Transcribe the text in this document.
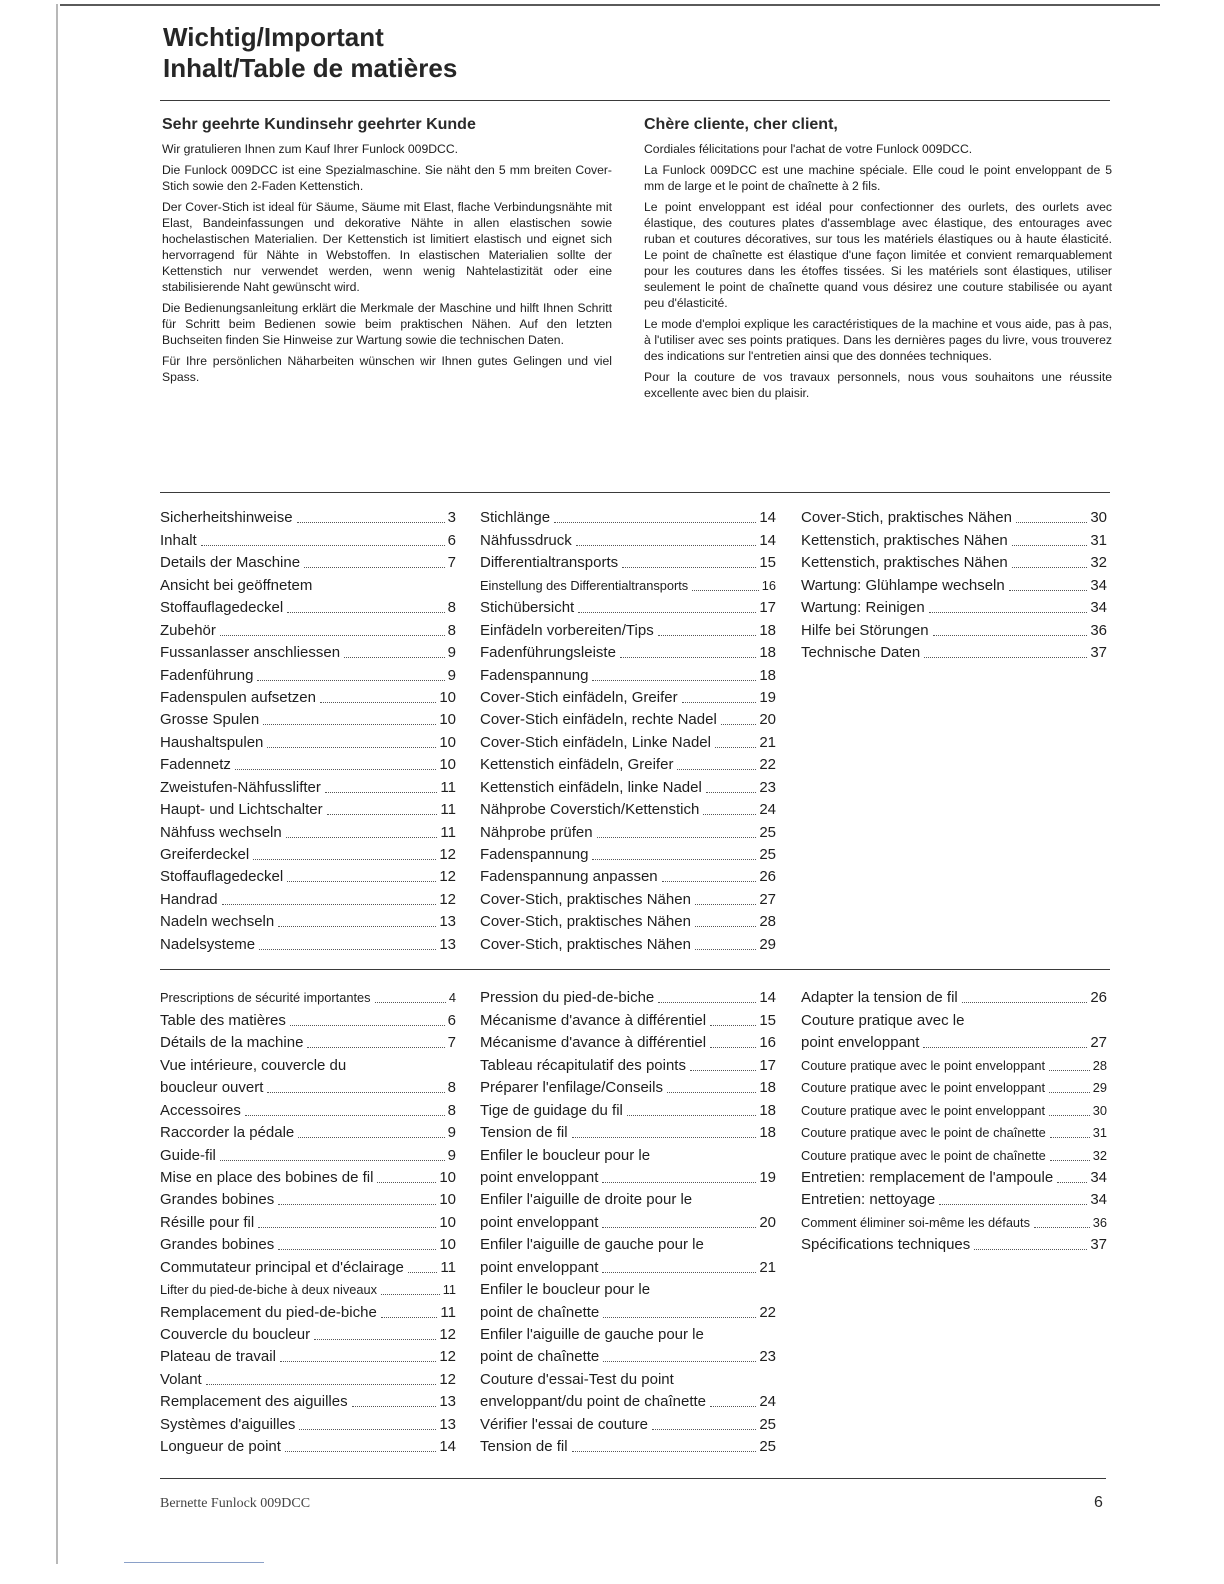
Wichtig/Important
Inhalt/Table de matières
Sehr geehrte Kundinsehr geehrter Kunde

Wir gratulieren Ihnen zum Kauf Ihrer Funlock 009DCC.

Die Funlock 009DCC ist eine Spezialmaschine. Sie näht den 5 mm breiten Cover-Stich sowie den 2-Faden Kettenstich.

Der Cover-Stich ist ideal für Säume, Säume mit Elast, flache Verbindungsnähte mit Elast, Bandeinfassungen und dekorative Nähte in allen elastischen sowie hochelastischen Materialien. Der Kettenstich ist limitiert elastisch und eignet sich hervorragend für Nähte in Webstoffen. In elastischen Materialien sollte der Kettenstich nur verwendet werden, wenn wenig Nahtelastizität oder eine stabilisierende Naht gewünscht wird.

Die Bedienungsanleitung erklärt die Merkmale der Maschine und hilft Ihnen Schritt für Schritt beim Bedienen sowie beim praktischen Nähen. Auf den letzten Buchseiten finden Sie Hinweise zur Wartung sowie die technischen Daten.

Für Ihre persönlichen Näharbeiten wünschen wir Ihnen gutes Gelingen und viel Spass.

Chère cliente, cher client,

Cordiales félicitations pour l'achat de votre Funlock 009DCC.

La Funlock 009DCC est une machine spéciale. Elle coud le point enveloppant de 5 mm de large et le point de chaînette à 2 fils.

Le point enveloppant est idéal pour confectionner des ourlets, des ourlets avec élastique, des coutures plates d'assemblage avec élastique, des entourages avec ruban et coutures décoratives, sur tous les matériels élastiques ou à haute élasticité. Le point de chaînette est élastique d'une façon limitée et convient remarquablement pour les coutures dans les étoffes tissées. Si les matériels sont élastiques, utiliser seulement le point de chaînette quand vous désirez une couture stabilisée ou ayant peu d'élasticité.

Le mode d'emploi explique les caractéristiques de la machine et vous aide, pas à pas, à l'utiliser avec ses points pratiques. Dans les dernières pages du livre, vous trouverez des indications sur l'entretien ainsi que des données techniques.

Pour la couture de vos travaux personnels, nous vous souhaitons une réussite excellente avec bien du plaisir.

Sicherheitshinweise	3
Inhalt	6
Details der Maschine	7
Ansicht bei geöffnetem
Stoffauflagedeckel	8
Zubehör	8
Fussanlasser anschliessen	9
Fadenführung	9
Fadenspulen aufsetzen	10
Grosse Spulen	10
Haushaltspulen	10
Fadennetz	10
Zweistufen-Nähfusslifter	11
Haupt- und Lichtschalter	11
Nähfuss wechseln	11
Greiferdeckel	12
Stoffauflagedeckel	12
Handrad	12
Nadeln wechseln	13
Nadelsysteme	13
Stichlänge	14
Nähfussdruck	14
Differentialtransports	15
Einstellung des Differentialtransports	16
Stichübersicht	17
Einfädeln vorbereiten/Tips	18
Fadenführungsleiste	18
Fadenspannung	18
Cover-Stich einfädeln, Greifer	19
Cover-Stich einfädeln, rechte Nadel	20
Cover-Stich einfädeln, Linke Nadel	21
Kettenstich einfädeln, Greifer	22
Kettenstich einfädeln, linke Nadel	23
Nähprobe Coverstich/Kettenstich	24
Nähprobe prüfen	25
Fadenspannung	25
Fadenspannung anpassen	26
Cover-Stich, praktisches Nähen	27
Cover-Stich, praktisches Nähen	28
Cover-Stich, praktisches Nähen	29
Cover-Stich, praktisches Nähen	30
Kettenstich, praktisches Nähen	31
Kettenstich, praktisches Nähen	32
Wartung: Glühlampe wechseln	34
Wartung: Reinigen	34
Hilfe bei Störungen	36
Technische Daten	37
Prescriptions de sécurité importantes	4
Table des matières	6
Détails de la machine	7
Vue intérieure, couvercle du
boucleur ouvert	8
Accessoires	8
Raccorder la pédale	9
Guide-fil	9
Mise en place des bobines de fil	10
Grandes bobines	10
Résille pour fil	10
Grandes bobines	10
Commutateur principal et d'éclairage 11
Lifter du pied-de-biche à deux niveaux	11
Remplacement du pied-de-biche	11
Couvercle du boucleur	12
Plateau de travail	12
Volant	12
Remplacement des aiguilles	13
Systèmes d'aiguilles	13
Longueur de point	14
Pression du pied-de-biche	14
Mécanisme d'avance à différentiel	15
Mécanisme d'avance à différentiel	16
Tableau récapitulatif des points	17
Préparer l'enfilage/Conseils	18
Tige de guidage du fil	18
Tension de fil	18
Enfiler le boucleur pour le
point enveloppant	19
Enfiler l'aiguille de droite pour le
point enveloppant	20
Enfiler l'aiguille de gauche pour le
point enveloppant	21
Enfiler le boucleur pour le
point de chaînette	22
Enfiler l'aiguille de gauche pour le
point de chaînette	23
Couture d'essai-Test du point
enveloppant/du point de chaînette	24
Vérifier l'essai de couture	25
Tension de fil	25
Adapter la tension de fil	26
Couture pratique avec le
point enveloppant	27
Couture pratique avec le point enveloppant	28
Couture pratique avec le point enveloppant	29
Couture pratique avec le point enveloppant	30
Couture pratique avec le point de chaînette	31
Couture pratique avec le point de chaînette	32
Entretien: remplacement de l'ampoule 34
Entretien: nettoyage	34
Comment éliminer soi-même les défauts	36
Spécifications techniques	37
Bernette Funlock 009DCC	6
